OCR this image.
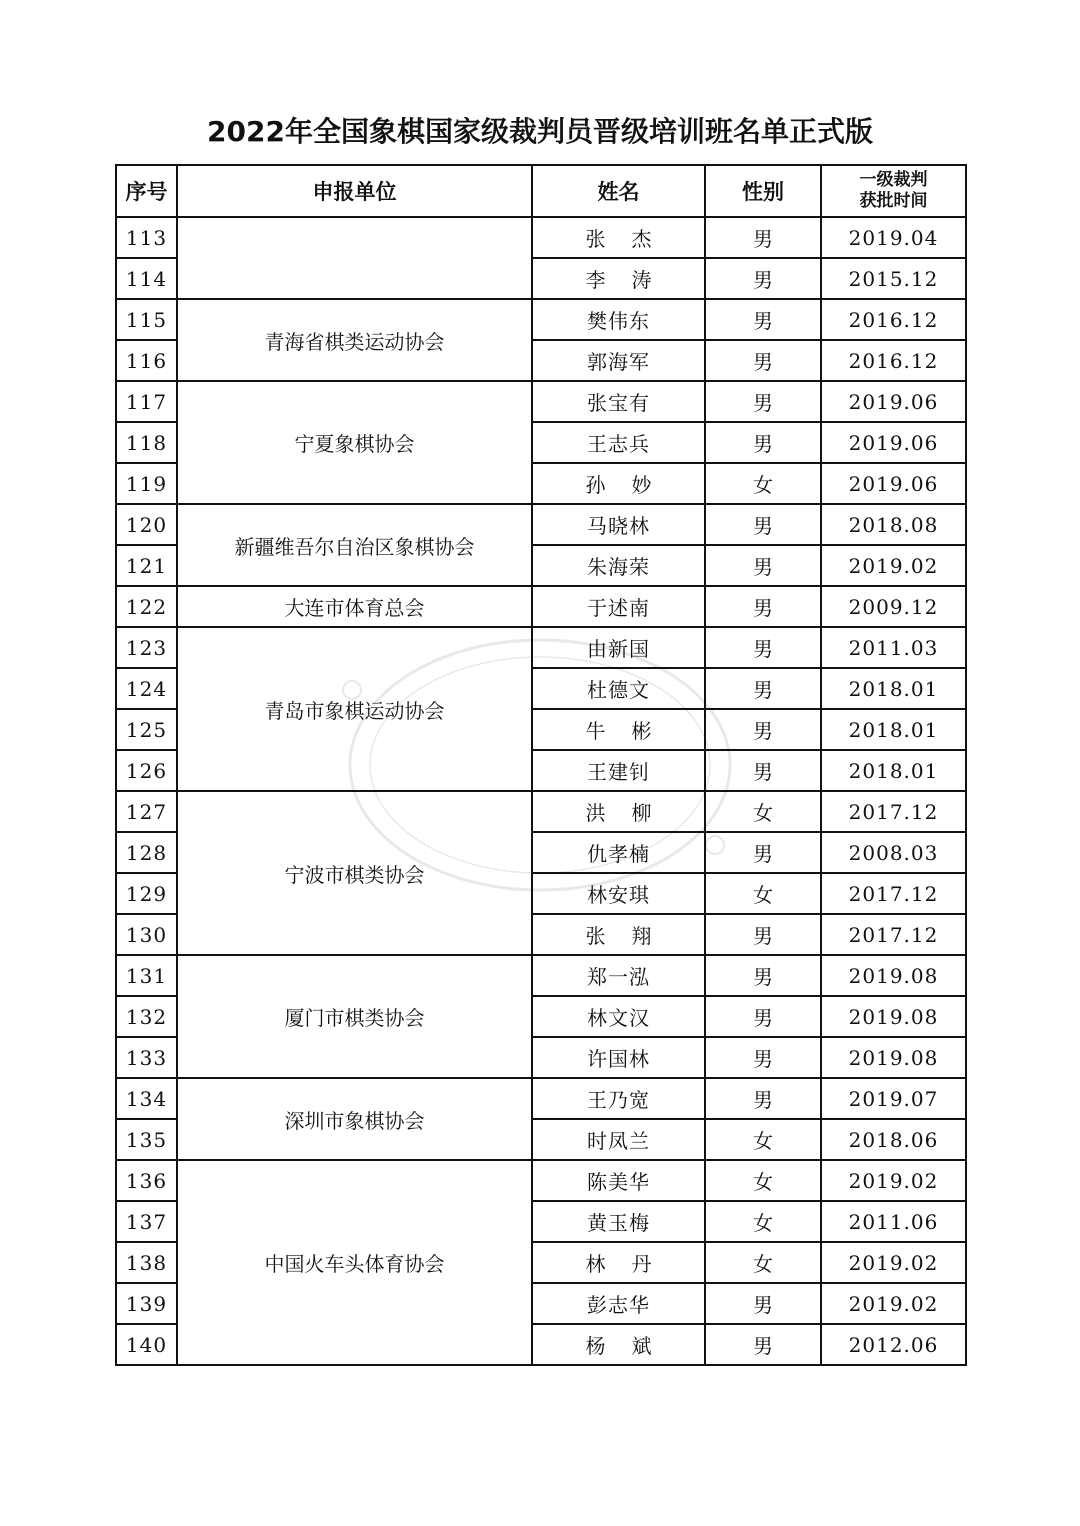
2022年全国象棋国家级裁判员晋级培训班名单正式版
序号	申报单位	姓名	性别	一级裁判
获批时间
113		张杰	男	2019.04
114		李涛	男	2015.12
115	青海省棋类运动协会	樊伟东	男	2016.12
116		郭海军	男	2016.12
117	宁夏象棋协会	张宝有	男	2019.06
118		王志兵	男	2019.06
119		孙妙	女	2019.06
120	新疆维吾尔自治区象棋协会	马晓林	男	2018.08
121		朱海荣	男	2019.02
122	大连市体育总会	于述南	男	2009.12
123	青岛市象棋运动协会	由新国	男	2011.03
124		杜德文	男	2018.01
125		牛彬	男	2018.01
126		王建钊	男	2018.01
127	宁波市棋类协会	洪柳	女	2017.12
128		仇孝楠	男	2008.03
129		林安琪	女	2017.12
130		张翔	男	2017.12
131	厦门市棋类协会	郑一泓	男	2019.08
132		林文汉	男	2019.08
133		许国林	男	2019.08
134	深圳市象棋协会	王乃宽	男	2019.07
135		时凤兰	女	2018.06
136	中国火车头体育协会	陈美华	女	2019.02
137		黄玉梅	女	2011.06
138		林丹	女	2019.02
139		彭志华	男	2019.02
140		杨斌	男	2012.06
